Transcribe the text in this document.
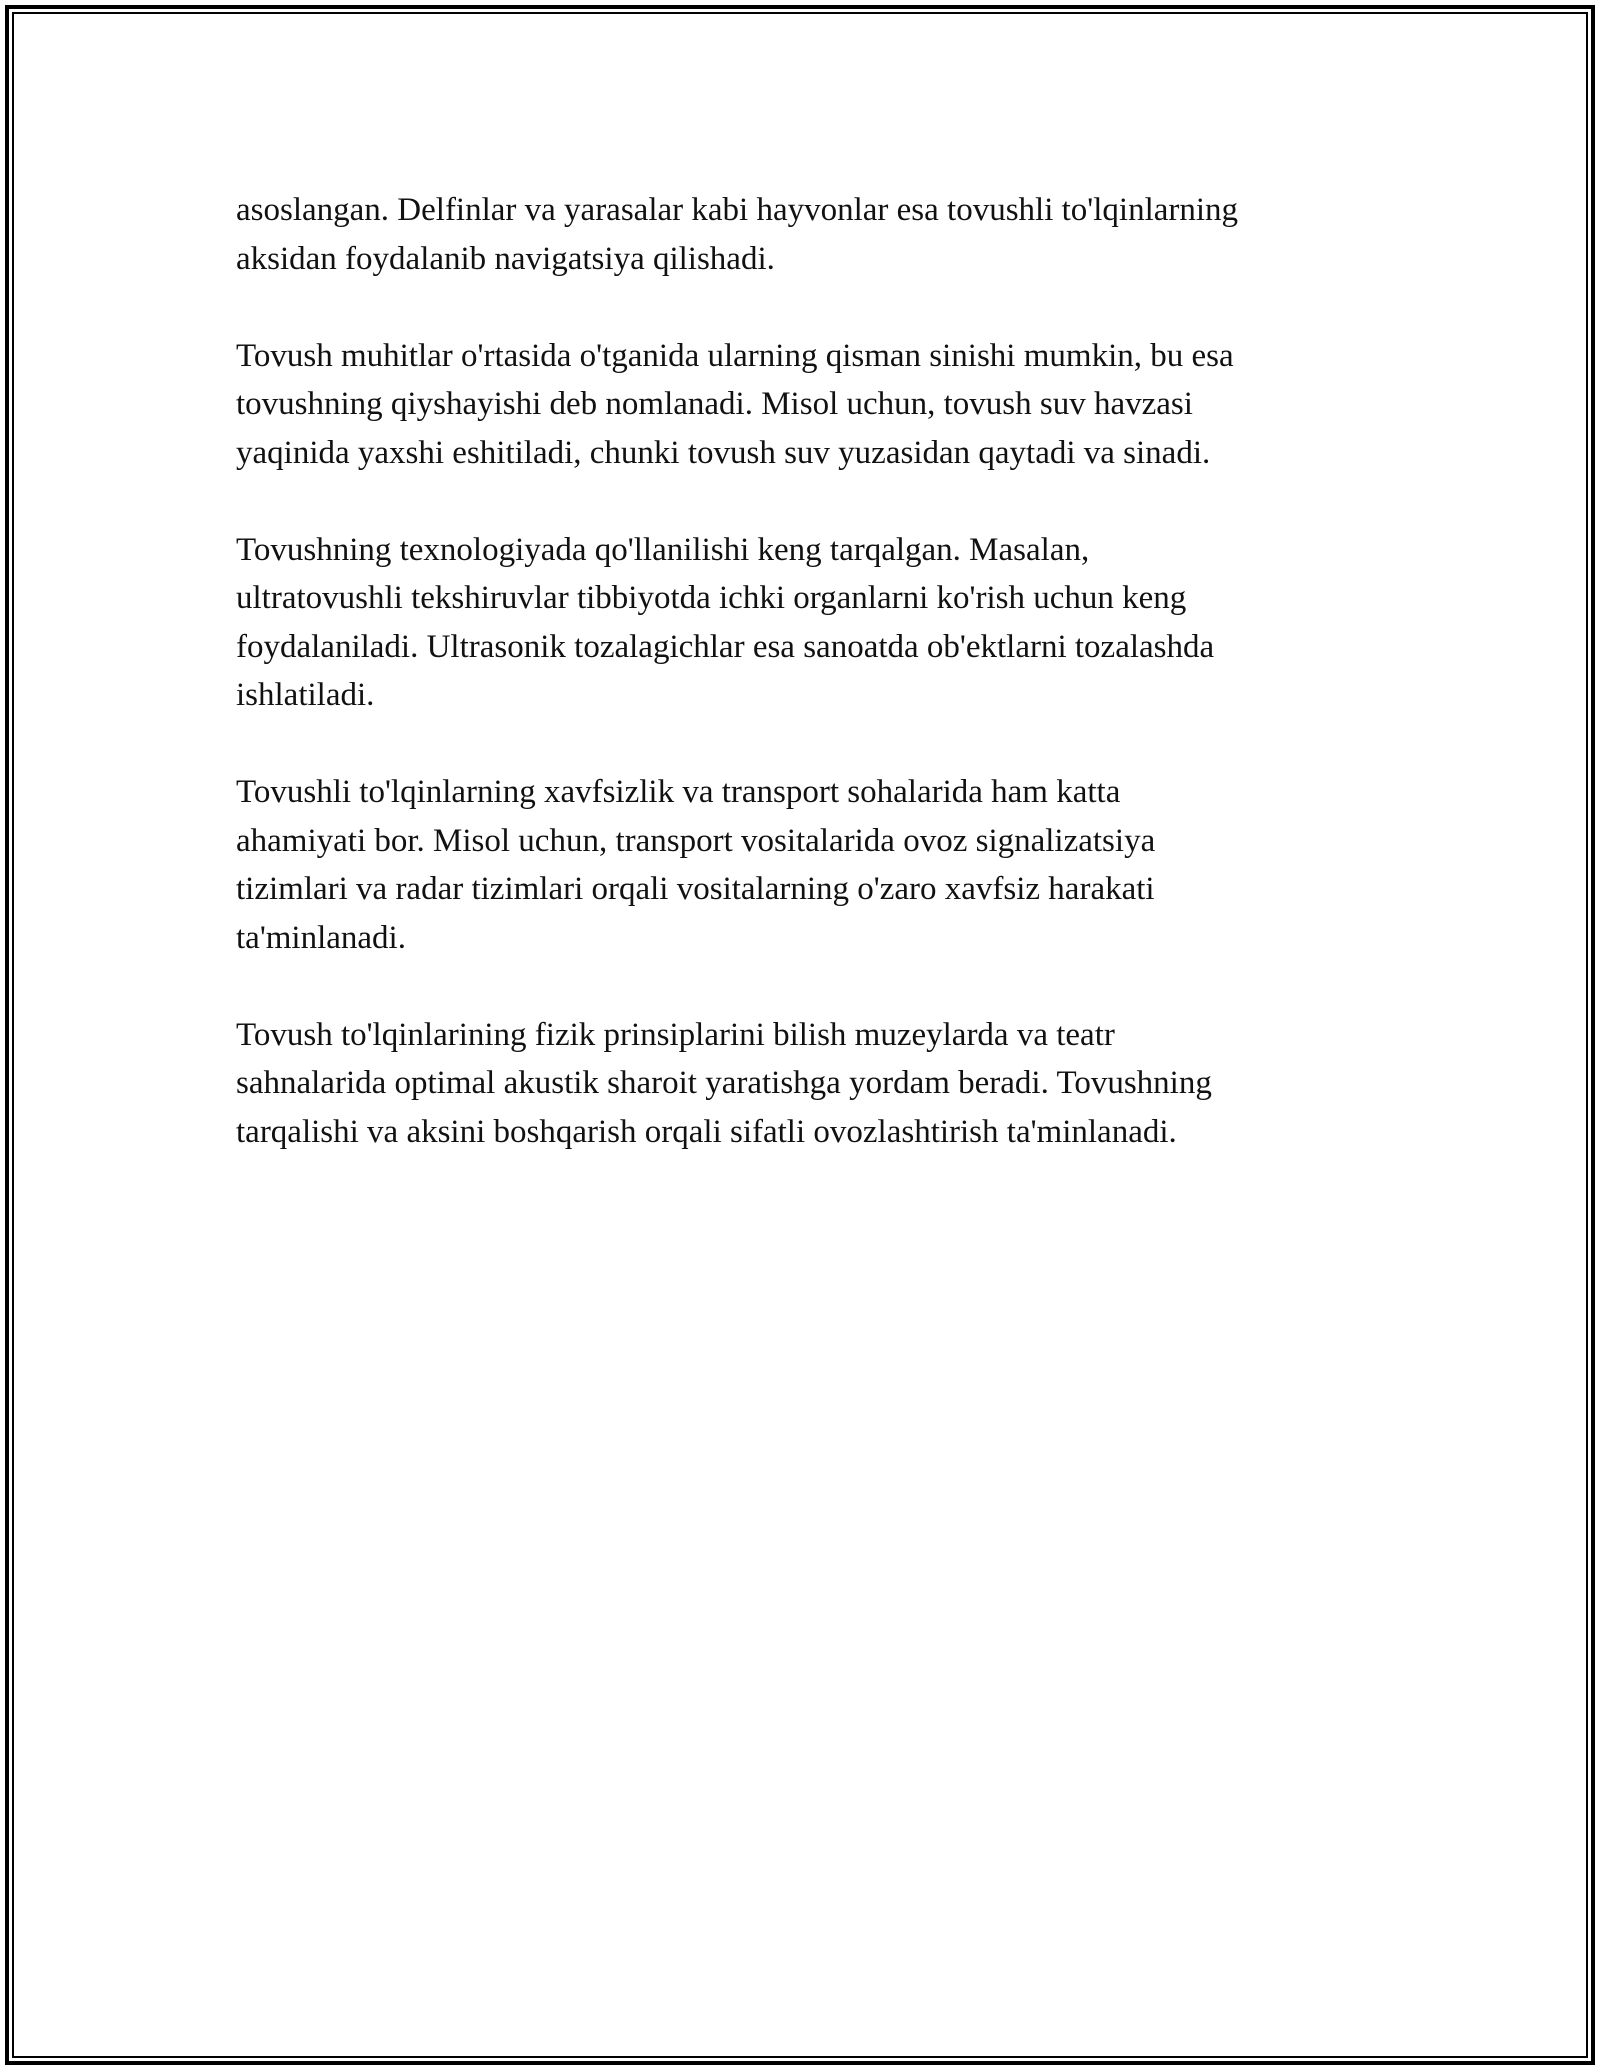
asoslangan. Delfinlar va yarasalar kabi hayvonlar esa tovushli to'lqinlarning
aksidan foydalanib navigatsiya qilishadi.

Tovush muhitlar o'rtasida o'tganida ularning qisman sinishi mumkin, bu esa
tovushning qiyshayishi deb nomlanadi. Misol uchun, tovush suv havzasi
yaqinida yaxshi eshitiladi, chunki tovush suv yuzasidan qaytadi va sinadi.

Tovushning texnologiyada qo'llanilishi keng tarqalgan. Masalan,
ultratovushli tekshiruvlar tibbiyotda ichki organlarni ko'rish uchun keng
foydalaniladi. Ultrasonik tozalagichlar esa sanoatda ob'ektlarni tozalashda
ishlatiladi.

Tovushli to'lqinlarning xavfsizlik va transport sohalarida ham katta
ahamiyati bor. Misol uchun, transport vositalarida ovoz signalizatsiya
tizimlari va radar tizimlari orqali vositalarning o'zaro xavfsiz harakati
ta'minlanadi.

Tovush to'lqinlarining fizik prinsiplarini bilish muzeylarda va teatr
sahnalarida optimal akustik sharoit yaratishga yordam beradi. Tovushning
tarqalishi va aksini boshqarish orqali sifatli ovozlashtirish ta'minlanadi.
